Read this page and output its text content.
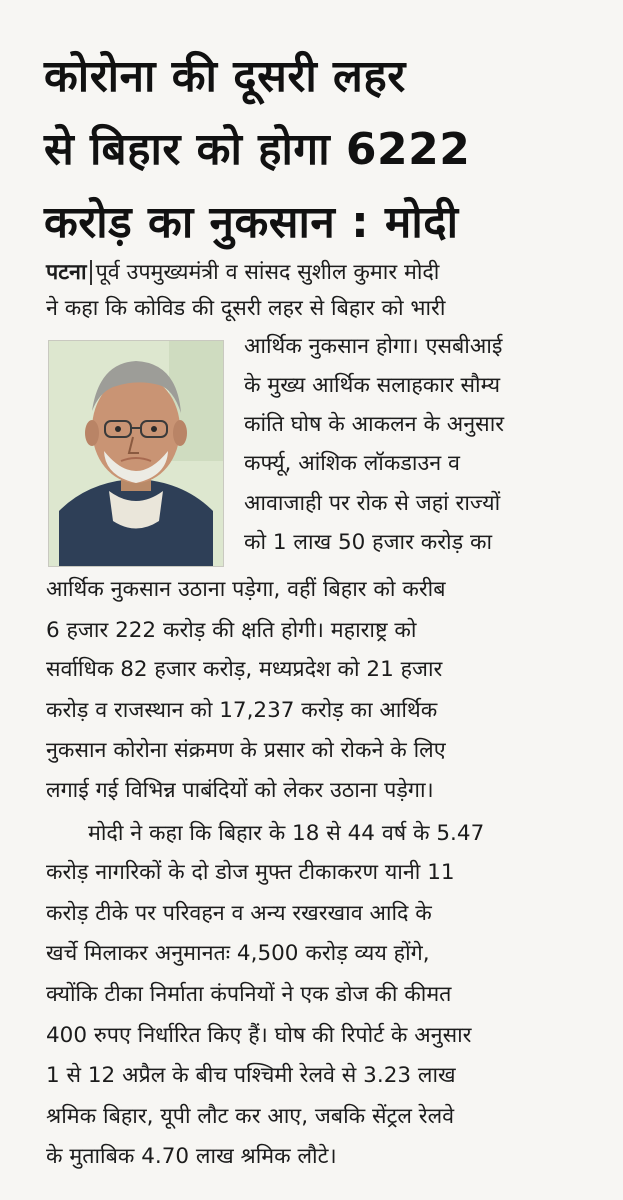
कोरोना की दूसरी लहर
से बिहार को होगा 6222
करोड़ का नुकसान : मोदी
पटना पूर्व उपमुख्यमंत्री व सांसद सुशील कुमार मोदी
ने कहा कि कोविड की दूसरी लहर से बिहार को भारी
आर्थिक नुकसान होगा। एसबीआई
के मुख्य आर्थिक सलाहकार सौम्य
कांति घोष के आकलन के अनुसार
कर्फ्यू, आंशिक लॉकडाउन व
आवाजाही पर रोक से जहां राज्यों
को 1 लाख 50 हजार करोड़ का
आर्थिक नुकसान उठाना पड़ेगा, वहीं बिहार को करीब
6 हजार 222 करोड़ की क्षति होगी। महाराष्ट्र को
सर्वाधिक 82 हजार करोड़, मध्यप्रदेश को 21 हजार
करोड़ व राजस्थान को 17,237 करोड़ का आर्थिक
नुकसान कोरोना संक्रमण के प्रसार को रोकने के लिए
लगाई गई विभिन्न पाबंदियों को लेकर उठाना पड़ेगा।
मोदी ने कहा कि बिहार के 18 से 44 वर्ष के 5.47
करोड़ नागरिकों के दो डोज मुफ्त टीकाकरण यानी 11
करोड़ टीके पर परिवहन व अन्य रखरखाव आदि के
खर्चे मिलाकर अनुमानतः 4,500 करोड़ व्यय होंगे,
क्योंकि टीका निर्माता कंपनियों ने एक डोज की कीमत
400 रुपए निर्धारित किए हैं। घोष की रिपोर्ट के अनुसार
1 से 12 अप्रैल के बीच पश्चिमी रेलवे से 3.23 लाख
श्रमिक बिहार, यूपी लौट कर आए, जबकि सेंट्रल रेलवे
के मुताबिक 4.70 लाख श्रमिक लौटे।
